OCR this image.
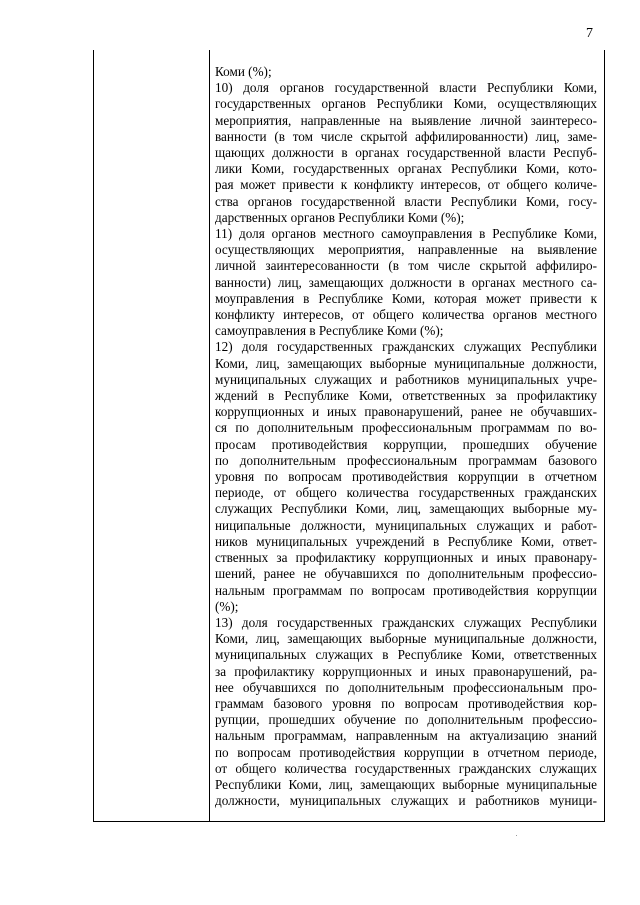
7
Коми (%);
10) доля органов государственной власти Республики Коми,
государственных органов Республики Коми, осуществляющих
мероприятия, направленные на выявление личной заинтересо-
ванности (в том числе скрытой аффилированности) лиц, заме-
щающих должности в органах государственной власти Респуб-
лики Коми, государственных органах Республики Коми, кото-
рая может привести к конфликту интересов, от общего количе-
ства органов государственной власти Республики Коми, госу-
дарственных органов Республики Коми (%);
11) доля органов местного самоуправления в Республике Коми,
осуществляющих мероприятия, направленные на выявление
личной заинтересованности (в том числе скрытой аффилиро-
ванности) лиц, замещающих должности в органах местного са-
моуправления в Республике Коми, которая может привести к
конфликту интересов, от общего количества органов местного
самоуправления в Республике Коми (%);
12) доля государственных гражданских служащих Республики
Коми, лиц, замещающих выборные муниципальные должности,
муниципальных служащих и работников муниципальных учре-
ждений в Республике Коми, ответственных за профилактику
коррупционных и иных правонарушений, ранее не обучавших-
ся по дополнительным профессиональным программам по во-
просам противодействия коррупции, прошедших обучение
по дополнительным профессиональным программам базового
уровня по вопросам противодействия коррупции в отчетном
периоде, от общего количества государственных гражданских
служащих Республики Коми, лиц, замещающих выборные му-
ниципальные должности, муниципальных служащих и работ-
ников муниципальных учреждений в Республике Коми, ответ-
ственных за профилактику коррупционных и иных правонару-
шений, ранее не обучавшихся по дополнительным профессио-
нальным программам по вопросам противодействия коррупции
(%);
13) доля государственных гражданских служащих Республики
Коми, лиц, замещающих выборные муниципальные должности,
муниципальных служащих в Республике Коми, ответственных
за профилактику коррупционных и иных правонарушений, ра-
нее обучавшихся по дополнительным профессиональным про-
граммам базового уровня по вопросам противодействия кор-
рупции, прошедших обучение по дополнительным профессио-
нальным программам, направленным на актуализацию знаний
по вопросам противодействия коррупции в отчетном периоде,
от общего количества государственных гражданских служащих
Республики Коми, лиц, замещающих выборные муниципальные
должности, муниципальных служащих и работников муници-
